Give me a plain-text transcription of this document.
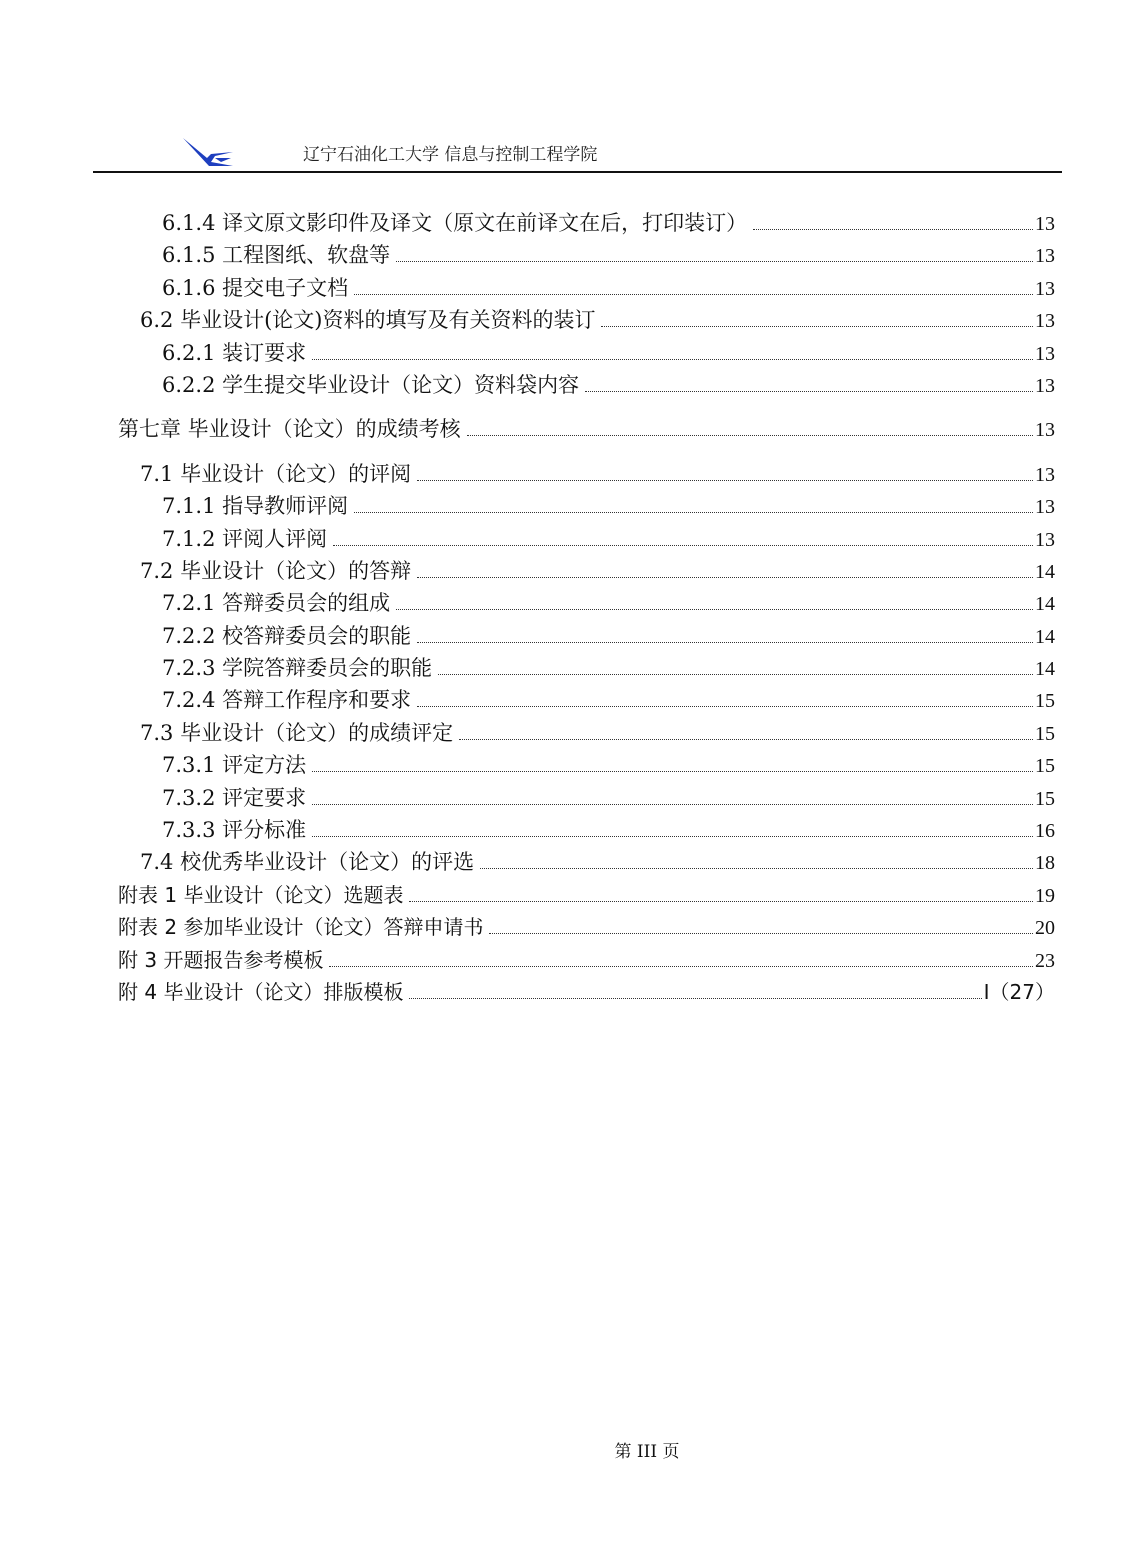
辽宁石油化工大学 信息与控制工程学院
6.1.4 译文原文影印件及译文（原文在前译文在后，打印装订）	13
6.1.5 工程图纸、软盘等	13
6.1.6 提交电子文档	13
6.2 毕业设计(论文)资料的填写及有关资料的装订	13
6.2.1 装订要求	13
6.2.2 学生提交毕业设计（论文）资料袋内容	13
第七章 毕业设计（论文）的成绩考核	13
7.1 毕业设计（论文）的评阅	13
7.1.1 指导教师评阅	13
7.1.2 评阅人评阅	13
7.2 毕业设计（论文）的答辩	14
7.2.1 答辩委员会的组成	14
7.2.2 校答辩委员会的职能	14
7.2.3 学院答辩委员会的职能	14
7.2.4 答辩工作程序和要求	15
7.3 毕业设计（论文）的成绩评定	15
7.3.1 评定方法	15
7.3.2 评定要求	15
7.3.3 评分标准	16
7.4 校优秀毕业设计（论文）的评选	18
附表 1 毕业设计（论文）选题表	19
附表 2 参加毕业设计（论文）答辩申请书	20
附 3 开题报告参考模板	23
附 4 毕业设计（论文）排版模板	I（27）
第 III 页
